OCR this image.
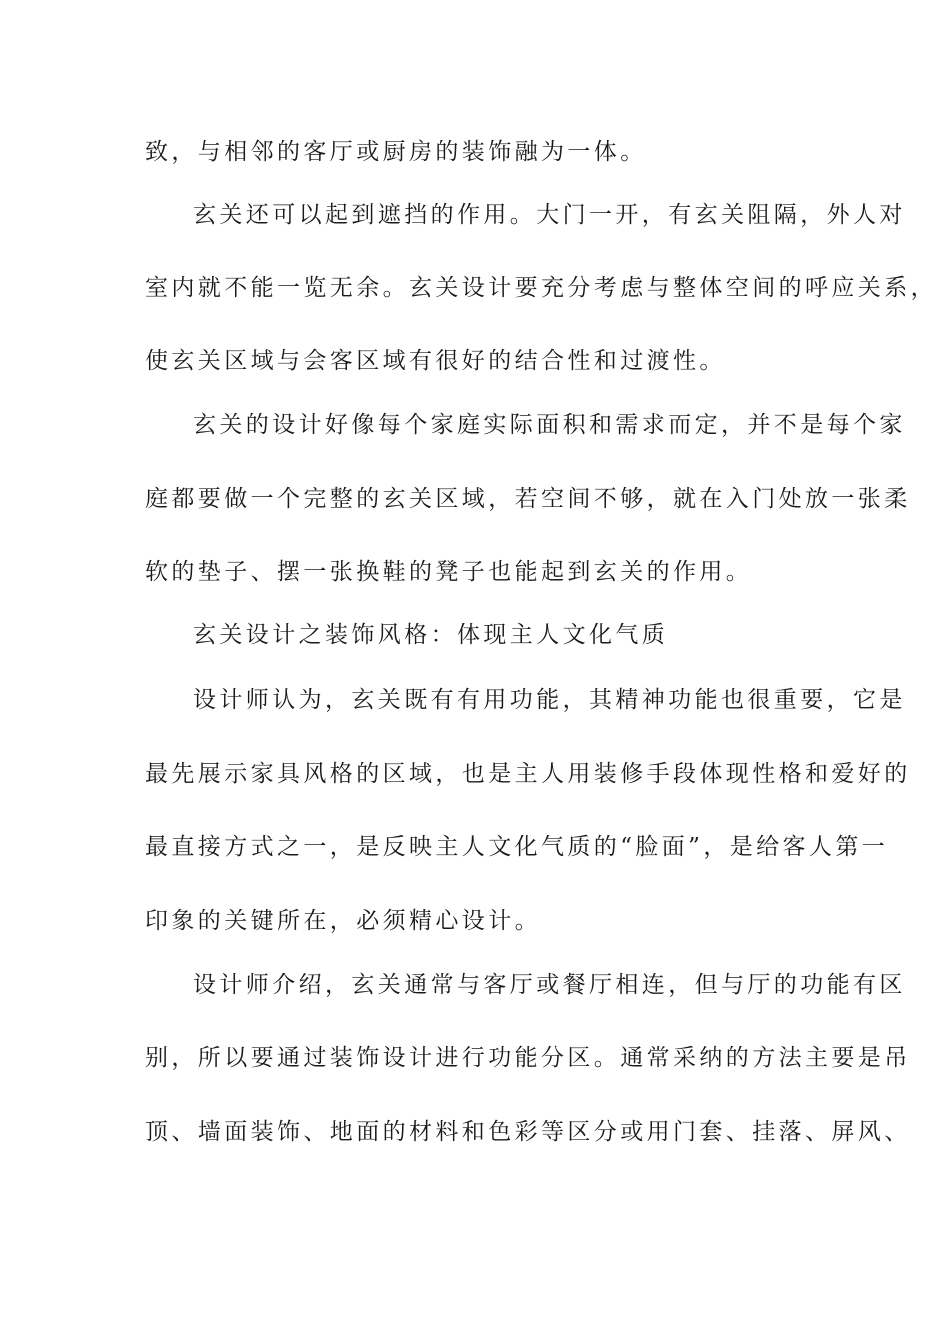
致，与相邻的客厅或厨房的装饰融为一体。
玄关还可以起到遮挡的作用。大门一开，有玄关阻隔，外人对
室内就不能一览无余。玄关设计要充分考虑与整体空间的呼应关系，
使玄关区域与会客区域有很好的结合性和过渡性。
玄关的设计好像每个家庭实际面积和需求而定，并不是每个家
庭都要做一个完整的玄关区域，若空间不够，就在入门处放一张柔
软的垫子、摆一张换鞋的凳子也能起到玄关的作用。
玄关设计之装饰风格：体现主人文化气质
设计师认为，玄关既有有用功能，其精神功能也很重要，它是
最先展示家具风格的区域，也是主人用装修手段体现性格和爱好的
最直接方式之一，是反映主人文化气质的“脸面”，是给客人第一
印象的关键所在，必须精心设计。
设计师介绍，玄关通常与客厅或餐厅相连，但与厅的功能有区
别，所以要通过装饰设计进行功能分区。通常采纳的方法主要是吊
顶、墙面装饰、地面的材料和色彩等区分或用门套、挂落、屏风、
